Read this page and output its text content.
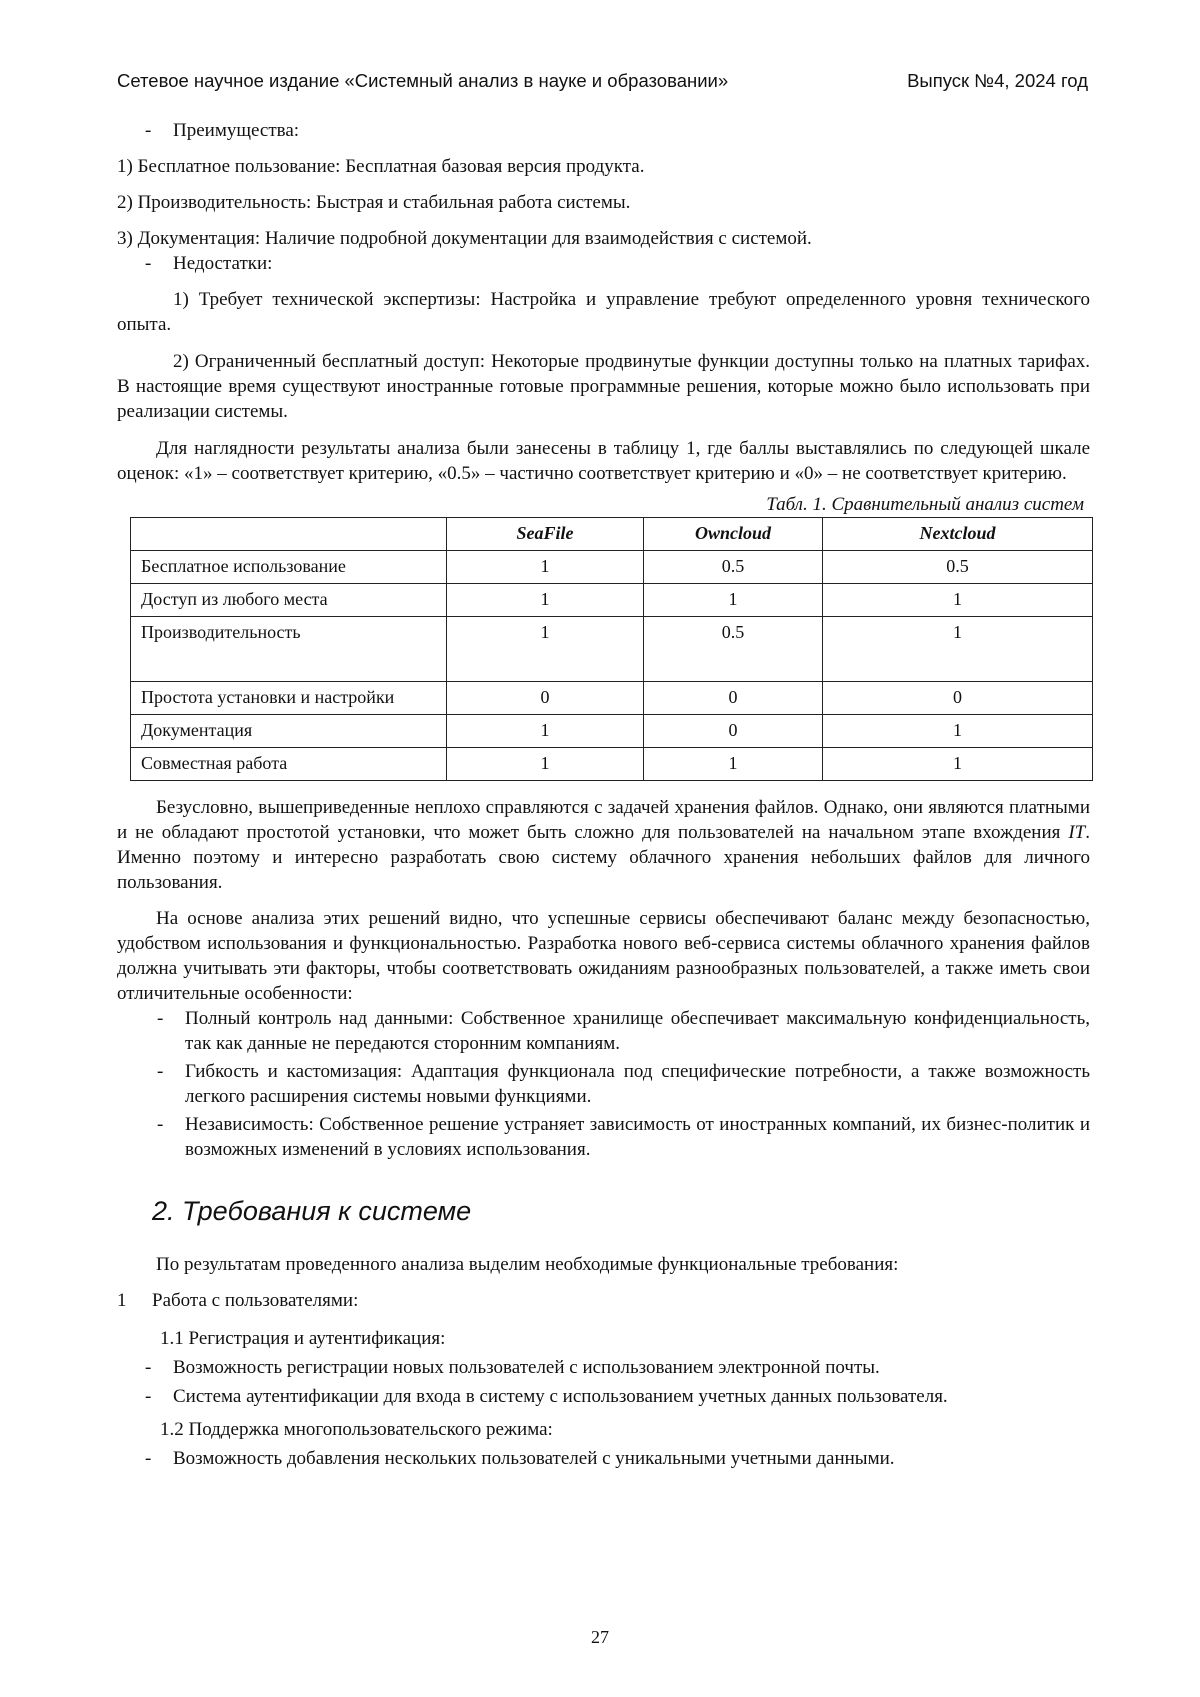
Сетевое научное издание «Системный анализ в науке и образовании»	Выпуск №4, 2024 год
-	Преимущества:

1) Бесплатное пользование: Бесплатная базовая версия продукта.

2) Производительность: Быстрая и стабильная работа системы.

3) Документация: Наличие подробной документации для взаимодействия с системой.

-	Недостатки:

1) Требует технической экспертизы: Настройка и управление требуют определенного уровня технического опыта.

2) Ограниченный бесплатный доступ: Некоторые продвинутые функции доступны только на платных тарифах. В настоящие время существуют иностранные готовые программные решения, которые можно было использовать при реализации системы.

Для наглядности результаты анализа были занесены в таблицу 1, где баллы выставлялись по следующей шкале оценок: «1» – соответствует критерию, «0.5» – частично соответствует критерию и «0» – не соответствует критерию.

Табл. 1. Сравнительный анализ систем
	SeaFile	Owncloud	Nextcloud
Бесплатное использование	1	0.5	0.5
Доступ из любого места	1	1	1
Производительность	1	0.5	1
Простота установки и настройки	0	0	0
Документация	1	0	1
Совместная работа	1	1	1

Безусловно, вышеприведенные неплохо справляются с задачей хранения файлов. Однако, они являются платными и не обладают простотой установки, что может быть сложно для пользователей на начальном этапе вхождения IT. Именно поэтому и интересно разработать свою систему облачного хранения небольших файлов для личного пользования.

На основе анализа этих решений видно, что успешные сервисы обеспечивают баланс между безопасностью, удобством использования и функциональностью. Разработка нового веб-сервиса системы облачного хранения файлов должна учитывать эти факторы, чтобы соответствовать ожиданиям разнообразных пользователей, а также иметь свои отличительные особенности:

-	Полный контроль над данными: Собственное хранилище обеспечивает максимальную конфиденциальность, так как данные не передаются сторонним компаниям.
-	Гибкость и кастомизация: Адаптация функционала под специфические потребности, а также возможность легкого расширения системы новыми функциями.
-	Независимость: Собственное решение устраняет зависимость от иностранных компаний, их бизнес-политик и возможных изменений в условиях использования.
2. Требования к системе

По результатам проведенного анализа выделим необходимые функциональные требования:

1	Работа с пользователями:

1.1 Регистрация и аутентификация:

-	Возможность регистрации новых пользователей с использованием электронной почты.
-	Система аутентификации для входа в систему с использованием учетных данных пользователя.

1.2 Поддержка многопользовательского режима:

-	Возможность добавления нескольких пользователей с уникальными учетными данными.
27
